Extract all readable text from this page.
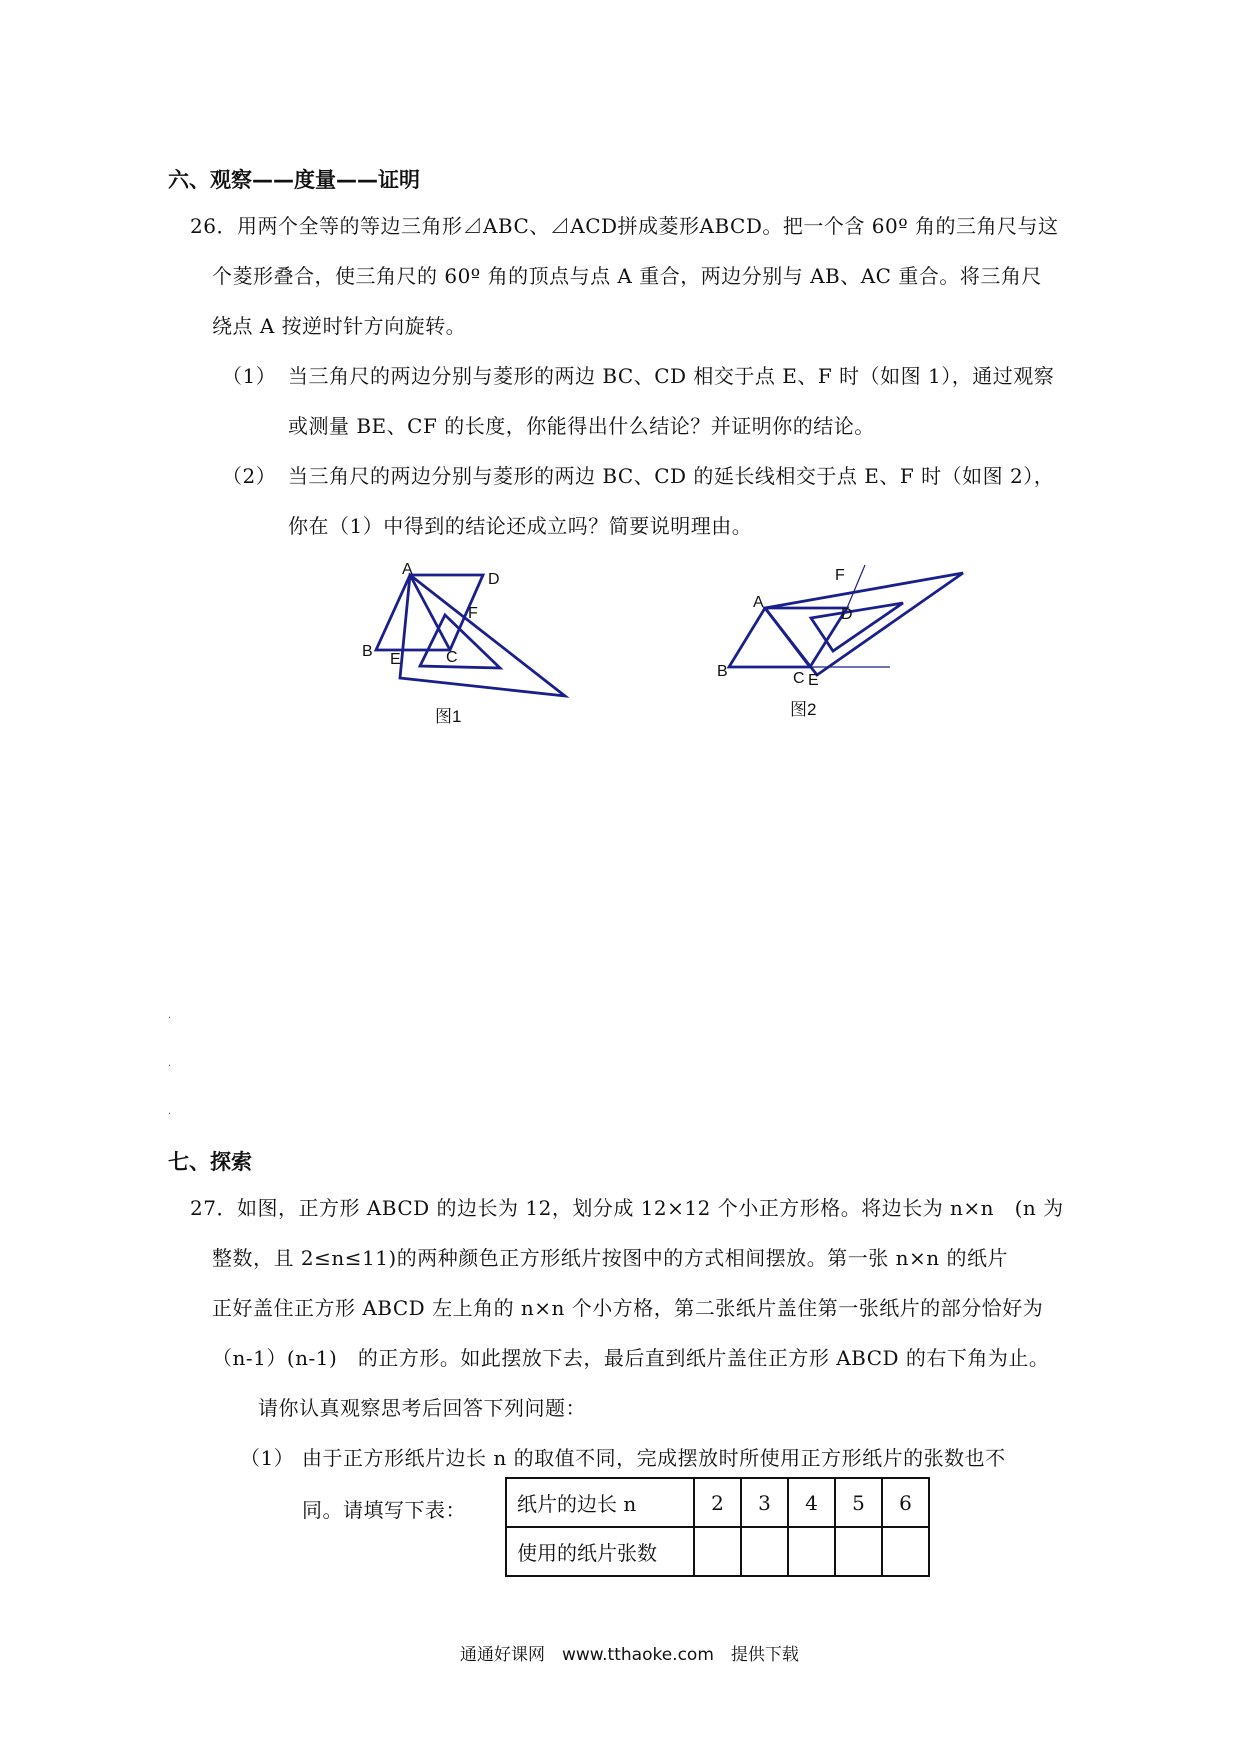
六、观察——度量——证明
26．用两个全等的等边三角形⊿ABC、⊿ACD拼成菱形ABCD。把一个含 60º 角的三角尺与这
个菱形叠合，使三角尺的 60º 角的顶点与点 A 重合，两边分别与 AB、AC 重合。将三角尺
绕点 A 按逆时针方向旋转。
（1） 当三角尺的两边分别与菱形的两边 BC、CD 相交于点 E、F 时（如图 1），通过观察
或测量 BE、CF 的长度，你能得出什么结论？并证明你的结论。
（2） 当三角尺的两边分别与菱形的两边 BC、CD 的延长线相交于点 E、F 时（如图 2），
你在（1）中得到的结论还成立吗？简要说明理由。
A
D
F
B E	C
图1
A
F
D
B	C E
图2
.
.
.
七、探索
27．如图，正方形 ABCD 的边长为 12，划分成 12×12 个小正方形格。将边长为 n×n　(n 为
整数，且 2≤n≤11)的两种颜色正方形纸片按图中的方式相间摆放。第一张 n×n 的纸片
正好盖住正方形 ABCD 左上角的 n×n 个小方格，第二张纸片盖住第一张纸片的部分恰好为
（n-1）(n-1)　的正方形。如此摆放下去，最后直到纸片盖住正方形 ABCD 的右下角为止。
请你认真观察思考后回答下列问题：
（1） 由于正方形纸片边长 n 的取值不同，完成摆放时所使用正方形纸片的张数也不
同。请填写下表：	纸片的边长 n	2	3	4	5	6
使用的纸片张数					
通通好课网　www.tthaoke.com　提供下载
